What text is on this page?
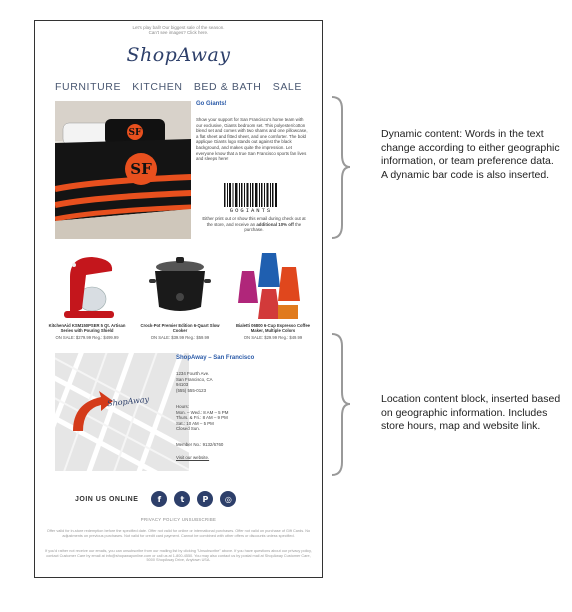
Let's play ball! Our biggest sale of the season.
Can't see images? Click here.
ShopAway
FURNITURE KITCHEN BED & BATH SALE
SF
SF
Go Giants!
Show your support for San Francisco's home team with our exclusive, Giants bedroom set. This polyester/cotton blend set and comes with two shams and one pillowcase, a flat sheet and fitted sheet, and one comforter. The bold applique Giants logo stands out against the black background, and makes quite the impression. Let everyone know that a true San Francisco sports fan lives and sleeps here!
GOGIANTS
Either print out or show this email during check out at the store, and receive an additional 10% off the purchase.
KitchenAid KSM150PSER 5 Qt. Artisan Series with Pouring Shield
ON SALE: $279.99 Reg.: $499.99
Crock-Pot Premier Edition 6-Quart Slow Cooker
ON SALE: $39.99 Reg.: $59.99
Bialetti 06800 6-Cup Espresso Coffee Maker, Multiple Colors
ON SALE: $29.99 Reg.: $49.99
ShopAway
ShopAway – San Francisco
1234 Fourth Ave.
San Francisco, CA
94103
(555) 555-0123
Hours:
Mon. – Wed.: 8 AM – 5 PM
Thurs. & Fri.: 8 AM – 9 PM
Sat.: 10 AM – 5 PM
Closed Sun.
Member No.: 9132/6760
Visit our website.
JOIN US ONLINE	f	t	P	◎
PRIVACY POLICY UNSUBSCRIBE
Offer valid for in-store redemption before the specified date. Offer not valid for online or international purchases. Offer not valid on purchase of Gift Cards. No adjustments on previous purchases. Not valid for credit card payment. Cannot be combined with other offers or discounts unless specified.
If you'd rather not receive our emails, you can unsubscribe from our mailing list by clicking "Unsubscribe" above. If you have questions about our privacy policy, contact Customer Care by email at info@shopawayonline.com or call us at 1-800-4550. You may also contact us by postal mail at ShopAway Customer Care, 5000 ShopAway Drive, Anytown USA.
Dynamic content: Words in the text change according to either geographic information, or team preference data. A dynamic bar code is also inserted.
Location content block, inserted based on geographic information. Includes store hours, map and website link.
